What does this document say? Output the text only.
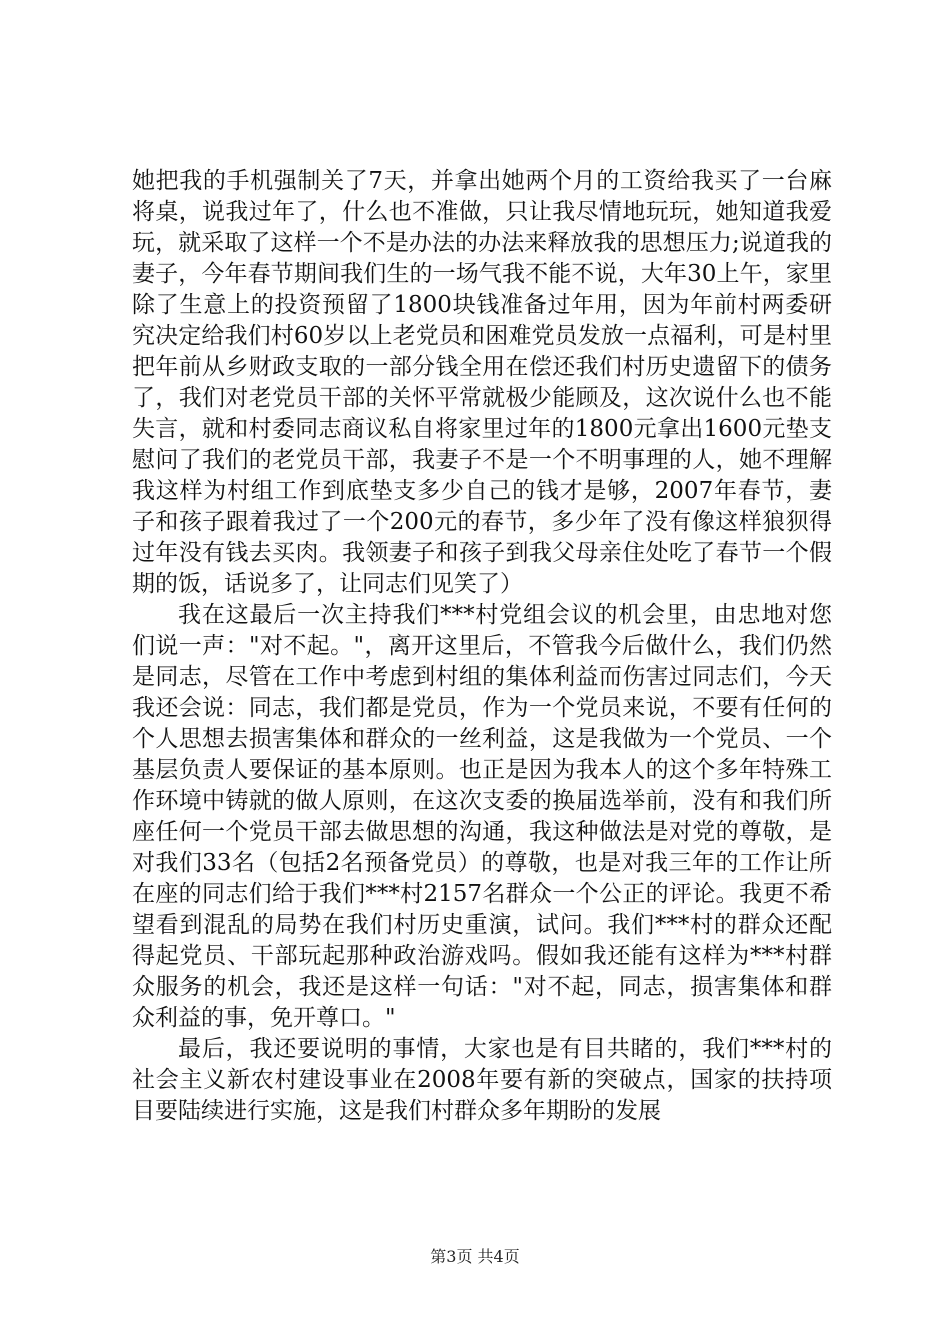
她把我的手机强制关了7天，并拿出她两个月的工资给我买了一台麻将桌，说我过年了，什么也不准做，只让我尽情地玩玩，她知道我爱玩，就采取了这样一个不是办法的办法来释放我的思想压力;说道我的妻子，今年春节期间我们生的一场气我不能不说，大年30上午，家里除了生意上的投资预留了1800块钱准备过年用，因为年前村两委研究决定给我们村60岁以上老党员和困难党员发放一点福利，可是村里把年前从乡财政支取的一部分钱全用在偿还我们村历史遗留下的债务了，我们对老党员干部的关怀平常就极少能顾及，这次说什么也不能失言，就和村委同志商议私自将家里过年的1800元拿出1600元垫支慰问了我们的老党员干部，我妻子不是一个不明事理的人，她不理解我这样为村组工作到底垫支多少自己的钱才是够，2007年春节，妻子和孩子跟着我过了一个200元的春节，多少年了没有像这样狼狈得过年没有钱去买肉。我领妻子和孩子到我父母亲住处吃了春节一个假期的饭，话说多了，让同志们见笑了）

我在这最后一次主持我们***村党组会议的机会里，由忠地对您们说一声："对不起。"，离开这里后，不管我今后做什么，我们仍然是同志，尽管在工作中考虑到村组的集体利益而伤害过同志们，今天我还会说：同志，我们都是党员，作为一个党员来说，不要有任何的个人思想去损害集体和群众的一丝利益，这是我做为一个党员、一个基层负责人要保证的基本原则。也正是因为我本人的这个多年特殊工作环境中铸就的做人原则，在这次支委的换届选举前，没有和我们所座任何一个党员干部去做思想的沟通，我这种做法是对党的尊敬，是对我们33名（包括2名预备党员）的尊敬，也是对我三年的工作让所在座的同志们给于我们***村2157名群众一个公正的评论。我更不希望看到混乱的局势在我们村历史重演，试问。我们***村的群众还配得起党员、干部玩起那种政治游戏吗。假如我还能有这样为***村群众服务的机会，我还是这样一句话："对不起，同志，损害集体和群众利益的事，免开尊口。"

最后，我还要说明的事情，大家也是有目共睹的，我们***村的社会主义新农村建设事业在2008年要有新的突破点，国家的扶持项目要陆续进行实施，这是我们村群众多年期盼的发展

第3页 共4页
